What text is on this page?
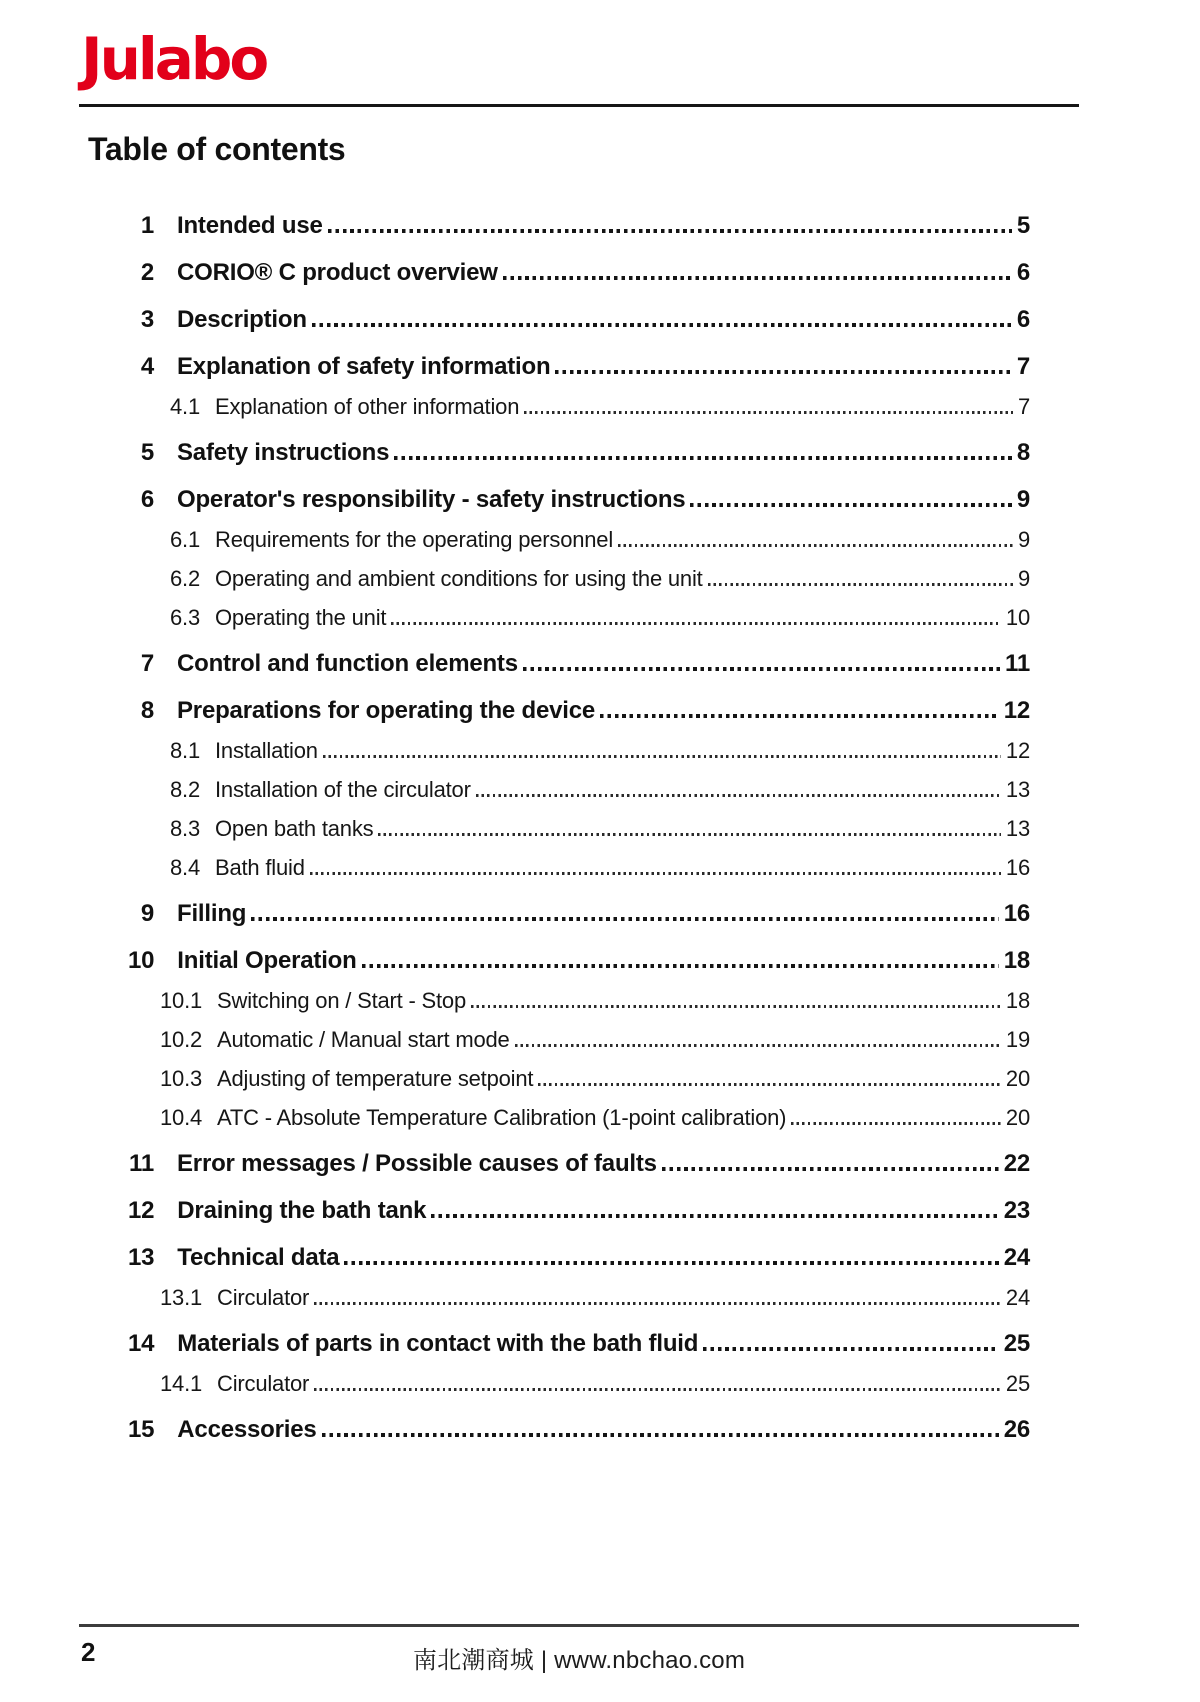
Julabo
Table of contents
1 Intended use	5
2 CORIO® C product overview	6
3 Description	6
4 Explanation of safety information	7
4.1 Explanation of other information	7
5 Safety instructions	8
6 Operator's responsibility - safety instructions	9
6.1 Requirements for the operating personnel	9
6.2 Operating and ambient conditions for using the unit	9
6.3 Operating the unit	10
7 Control and function elements	11
8 Preparations for operating the device	12
8.1 Installation	12
8.2 Installation of the circulator	13
8.3 Open bath tanks	13
8.4 Bath fluid	16
9 Filling	16
10 Initial Operation	18
10.1 Switching on / Start - Stop	18
10.2 Automatic / Manual start mode	19
10.3 Adjusting of temperature setpoint	20
10.4 ATC - Absolute Temperature Calibration (1-point calibration)	20
11 Error messages / Possible causes of faults	22
12 Draining the bath tank	23
13 Technical data	24
13.1 Circulator	24
14 Materials of parts in contact with the bath fluid	25
14.1 Circulator	25
15 Accessories	26
2	南北潮商城 | www.nbchao.com
